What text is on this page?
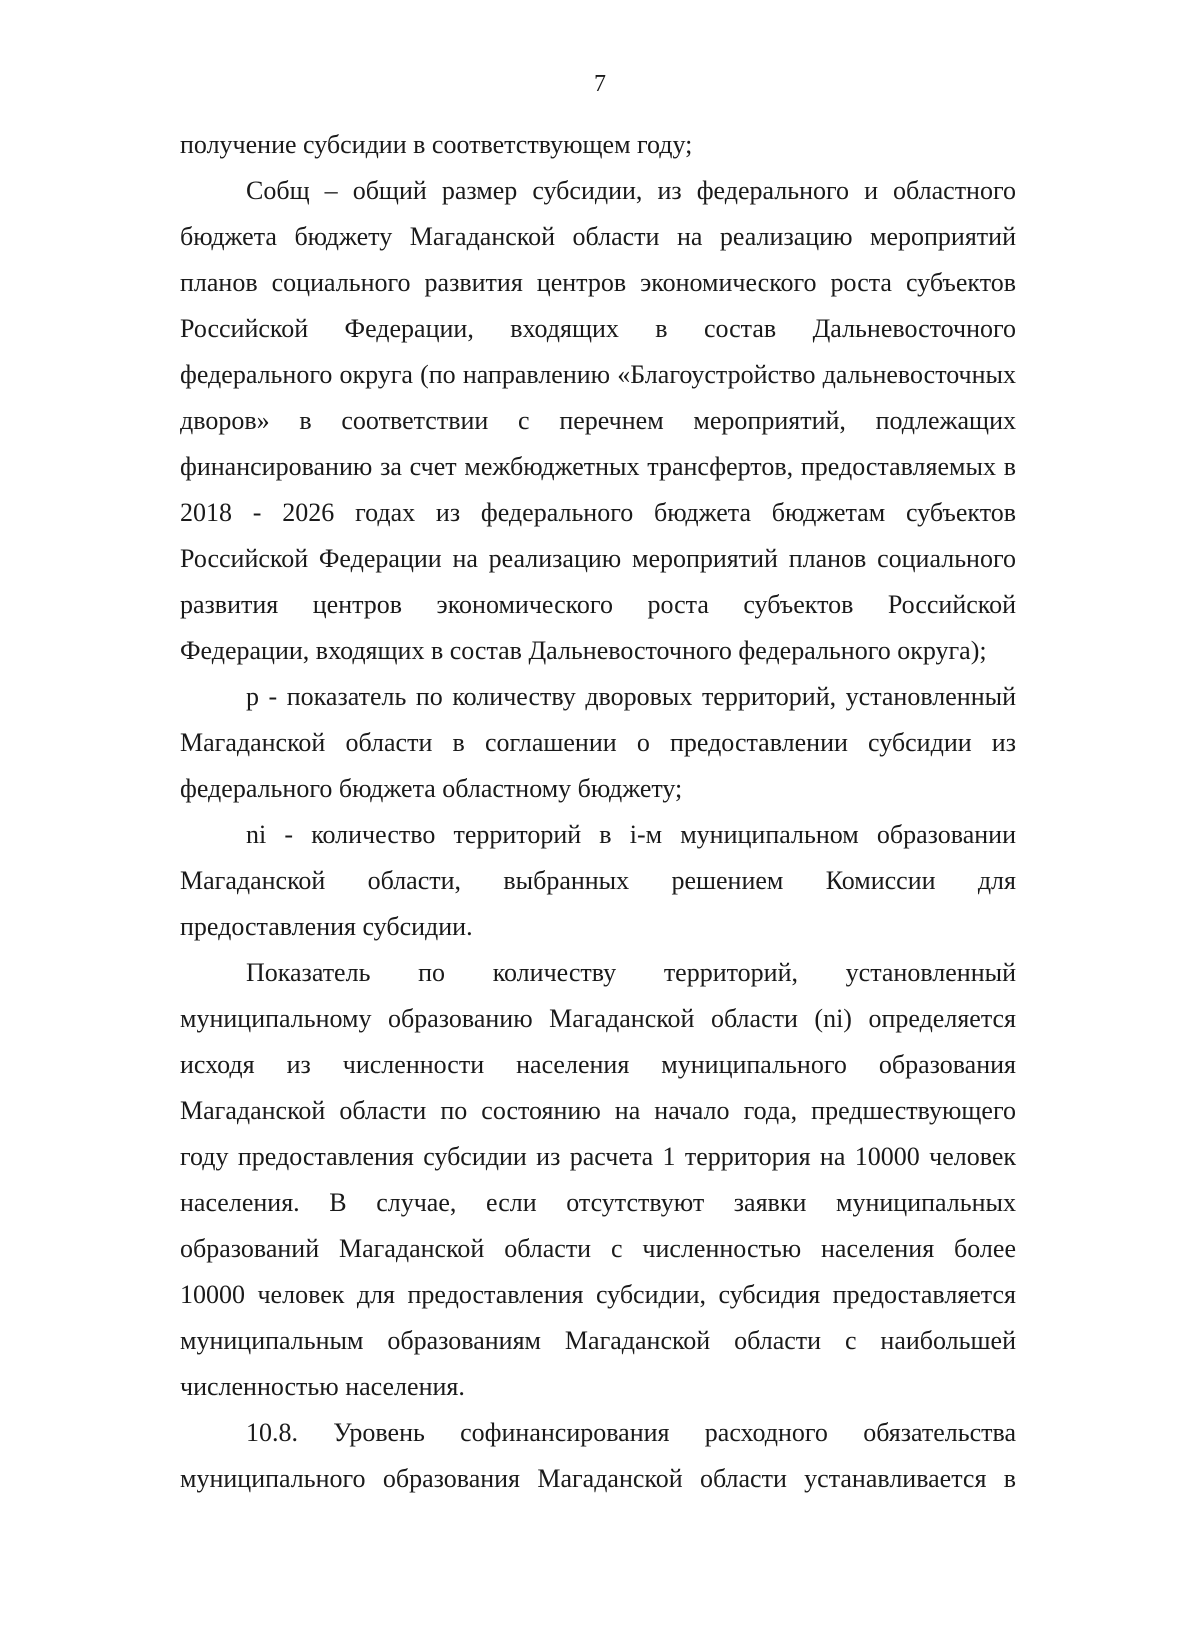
7

получение субсидии в соответствующем году;

Собщ – общий размер субсидии, из федерального и областного
бюджета бюджету Магаданской области на реализацию мероприятий
планов социального развития центров экономического роста субъектов
Российской Федерации, входящих в состав Дальневосточного
федерального округа (по направлению «Благоустройство дальневосточных
дворов» в соответствии с перечнем мероприятий, подлежащих
финансированию за счет межбюджетных трансфертов, предоставляемых в
2018 - 2026 годах из федерального бюджета бюджетам субъектов
Российской Федерации на реализацию мероприятий планов социального
развития центров экономического роста субъектов Российской
Федерации, входящих в состав Дальневосточного федерального округа);

p - показатель по количеству дворовых территорий, установленный
Магаданской области в соглашении о предоставлении субсидии из
федерального бюджета областному бюджету;

ni - количество территорий в i-м муниципальном образовании
Магаданской области, выбранных решением Комиссии для
предоставления субсидии.

Показатель по количеству территорий, установленный
муниципальному образованию Магаданской области (ni) определяется
исходя из численности населения муниципального образования
Магаданской области по состоянию на начало года, предшествующего
году предоставления субсидии из расчета 1 территория на 10000 человек
населения. В случае, если отсутствуют заявки муниципальных
образований Магаданской области с численностью населения более
10000 человек для предоставления субсидии, субсидия предоставляется
муниципальным образованиям Магаданской области с наибольшей
численностью населения.

10.8. Уровень софинансирования расходного обязательства
муниципального образования Магаданской области устанавливается в
